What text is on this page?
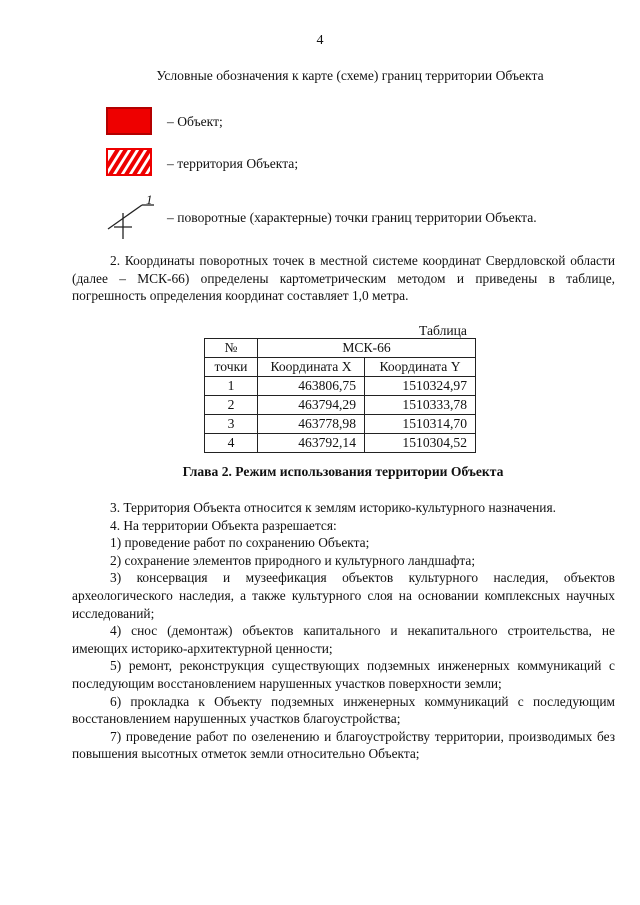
4
Условные обозначения к карте (схеме) границ территории Объекта
– Объект;
– территория Объекта;
1
– поворотные (характерные) точки границ территории Объекта.
2. Координаты поворотных точек в местной системе координат Свердловской области (далее – МСК-66) определены картометрическим методом и приведены в таблице, погрешность определения координат составляет 1,0 метра.
Таблица
№	МСК-66	
точки	Координата X	Координата Y
1	463806,75	1510324,97
2	463794,29	1510333,78
3	463778,98	1510314,70
4	463792,14	1510304,52
Глава 2. Режим использования территории Объекта

3. Территория Объекта относится к землям историко-культурного назначения.

4. На территории Объекта разрешается:

1) проведение работ по сохранению Объекта;

2) сохранение элементов природного и культурного ландшафта;

3) консервация и музеефикация объектов культурного наследия, объектов археологического наследия, а также культурного слоя на основании комплексных научных исследований;

4) снос (демонтаж) объектов капитального и некапитального строительства, не имеющих историко-архитектурной ценности;

5) ремонт, реконструкция существующих подземных инженерных коммуникаций с последующим восстановлением нарушенных участков поверхности земли;

6) прокладка к Объекту подземных инженерных коммуникаций с последующим восстановлением нарушенных участков благоустройства;

7) проведение работ по озеленению и благоустройству территории, производимых без повышения высотных отметок земли относительно Объекта;
